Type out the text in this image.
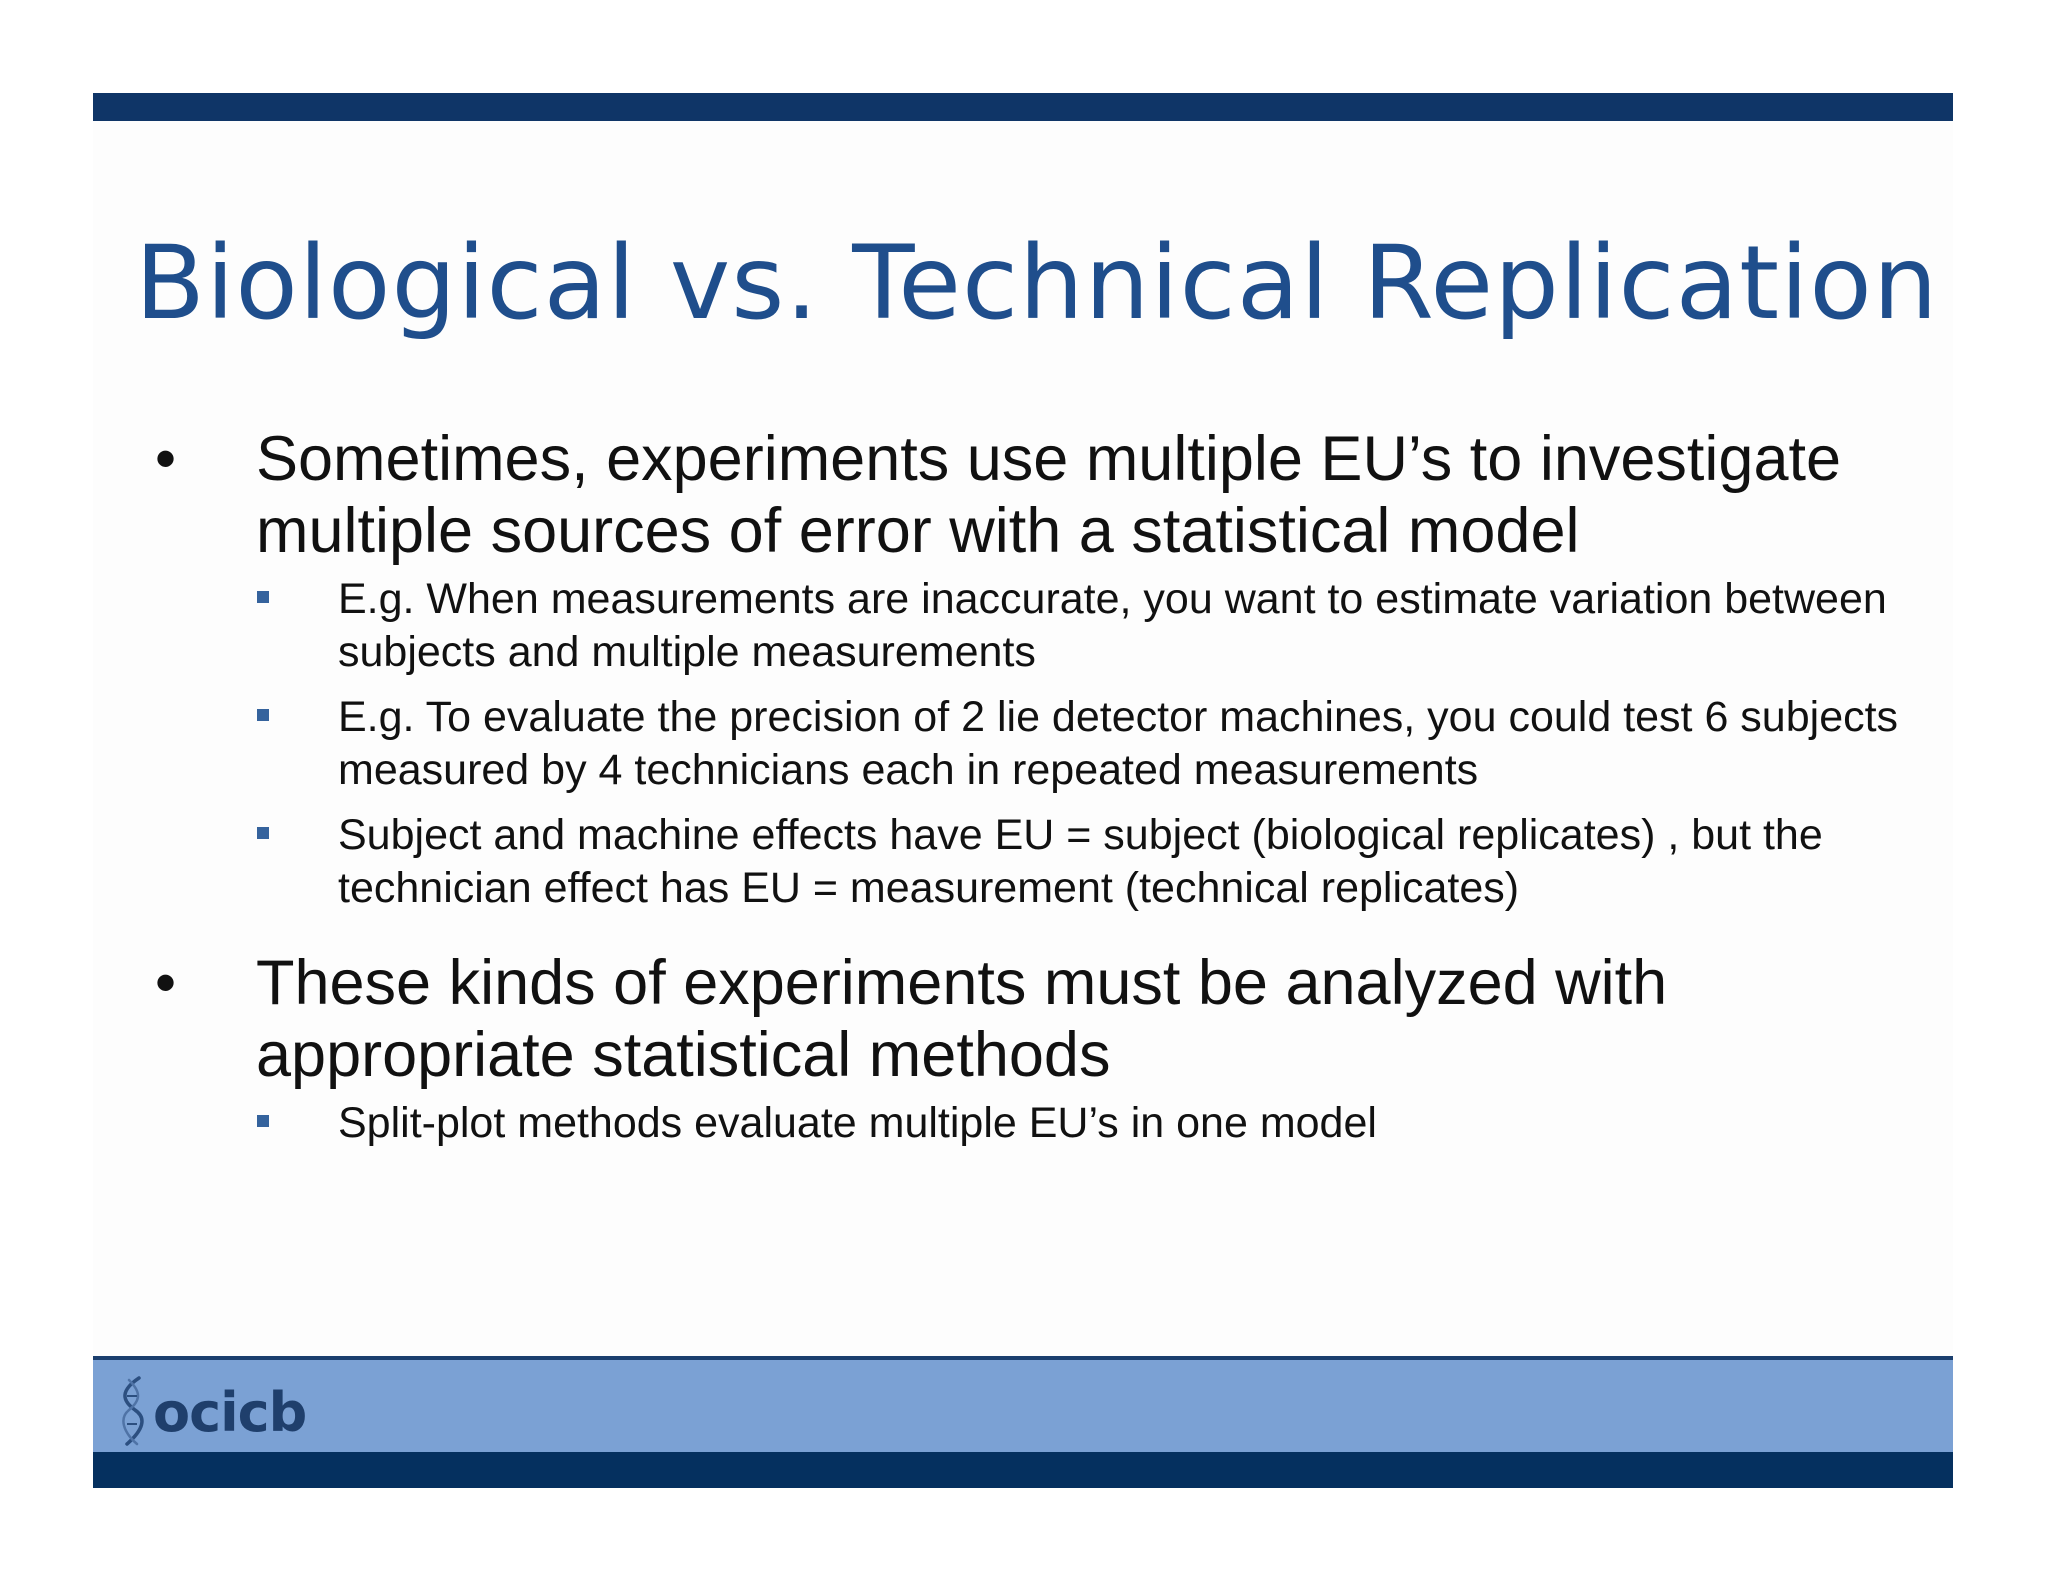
Biological vs. Technical Replication
•	Sometimes, experiments use multiple EU’s to investigate multiple sources of error with a statistical model
E.g. When measurements are inaccurate, you want to estimate variation between subjects and multiple measurements
E.g. To evaluate the precision of 2 lie detector machines, you could test 6 subjects measured by 4 technicians each in repeated measurements
Subject and machine effects have EU = subject (biological replicates) , but the technician effect has EU = measurement (technical replicates)
•	These kinds of experiments must be analyzed with appropriate statistical methods
Split-plot methods evaluate multiple EU’s in one model
ocicb
